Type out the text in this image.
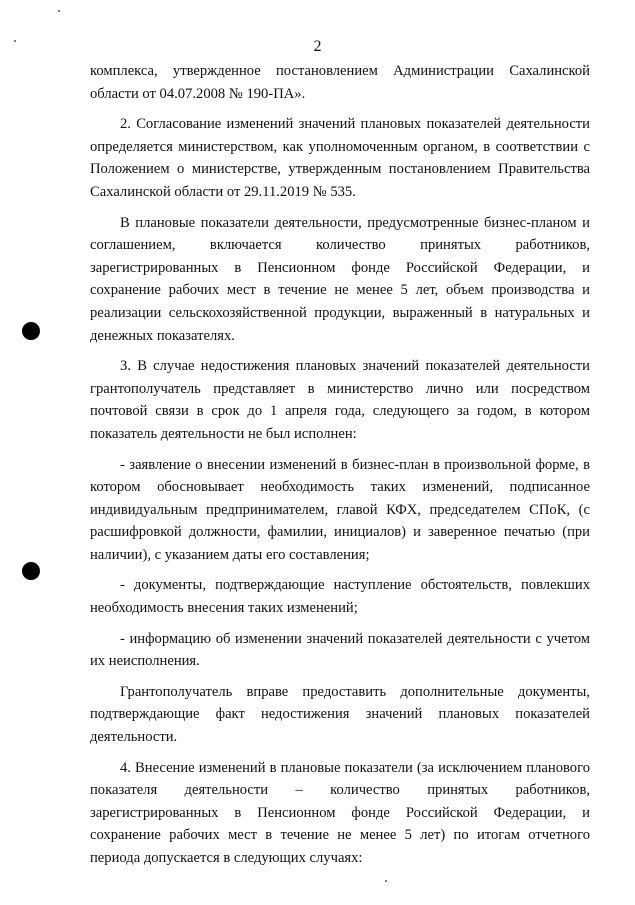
2

комплекса, утвержденное постановлением Администрации Сахалинской области от 04.07.2008 № 190-ПА».

2. Согласование изменений значений плановых показателей деятельности определяется министерством, как уполномоченным органом, в соответствии с Положением о министерстве, утвержденным постановлением Правительства Сахалинской области от 29.11.2019 № 535.

В плановые показатели деятельности, предусмотренные бизнес-планом и соглашением, включается количество принятых работников, зарегистрированных в Пенсионном фонде Российской Федерации, и сохранение рабочих мест в течение не менее 5 лет, объем производства и реализации сельскохозяйственной продукции, выраженный в натуральных и денежных показателях.

3. В случае недостижения плановых значений показателей деятельности грантополучатель представляет в министерство лично или посредством почтовой связи в срок до 1 апреля года, следующего за годом, в котором показатель деятельности не был исполнен:

- заявление о внесении изменений в бизнес-план в произвольной форме, в котором обосновывает необходимость таких изменений, подписанное индивидуальным предпринимателем, главой КФХ, председателем СПоК, (с расшифровкой должности, фамилии, инициалов) и заверенное печатью (при наличии), с указанием даты его составления;

- документы, подтверждающие наступление обстоятельств, повлекших необходимость внесения таких изменений;

- информацию об изменении значений показателей деятельности с учетом их неисполнения.

Грантополучатель вправе предоставить дополнительные документы, подтверждающие факт недостижения значений плановых показателей деятельности.

4. Внесение изменений в плановые показатели (за исключением планового показателя деятельности – количество принятых работников, зарегистрированных в Пенсионном фонде Российской Федерации, и сохранение рабочих мест в течение не менее 5 лет) по итогам отчетного периода допускается в следующих случаях:
